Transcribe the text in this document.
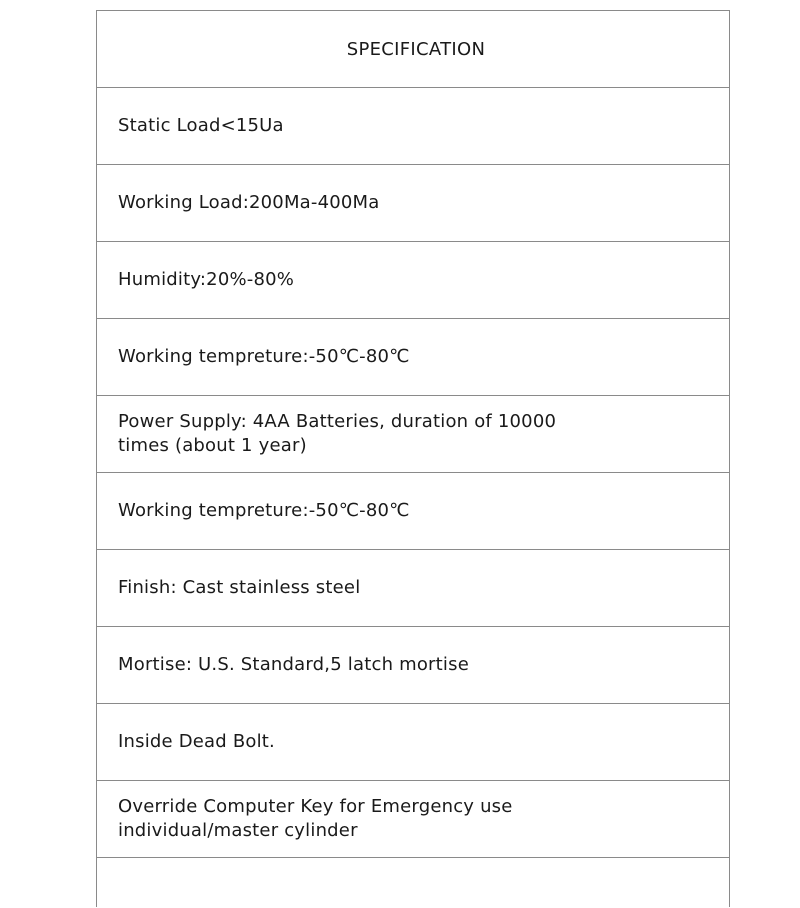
SPECIFICATION
Static Load<15Ua
Working Load:200Ma-400Ma
Humidity:20%-80%
Working tempreture:-50℃-80℃
Power Supply: 4AA Batteries, duration of 10000 times (about 1 year)
Working tempreture:-50℃-80℃
Finish: Cast stainless steel
Mortise: U.S. Standard,5 latch mortise
Inside Dead Bolt.
Override Computer Key for Emergency use individual/master cylinder
